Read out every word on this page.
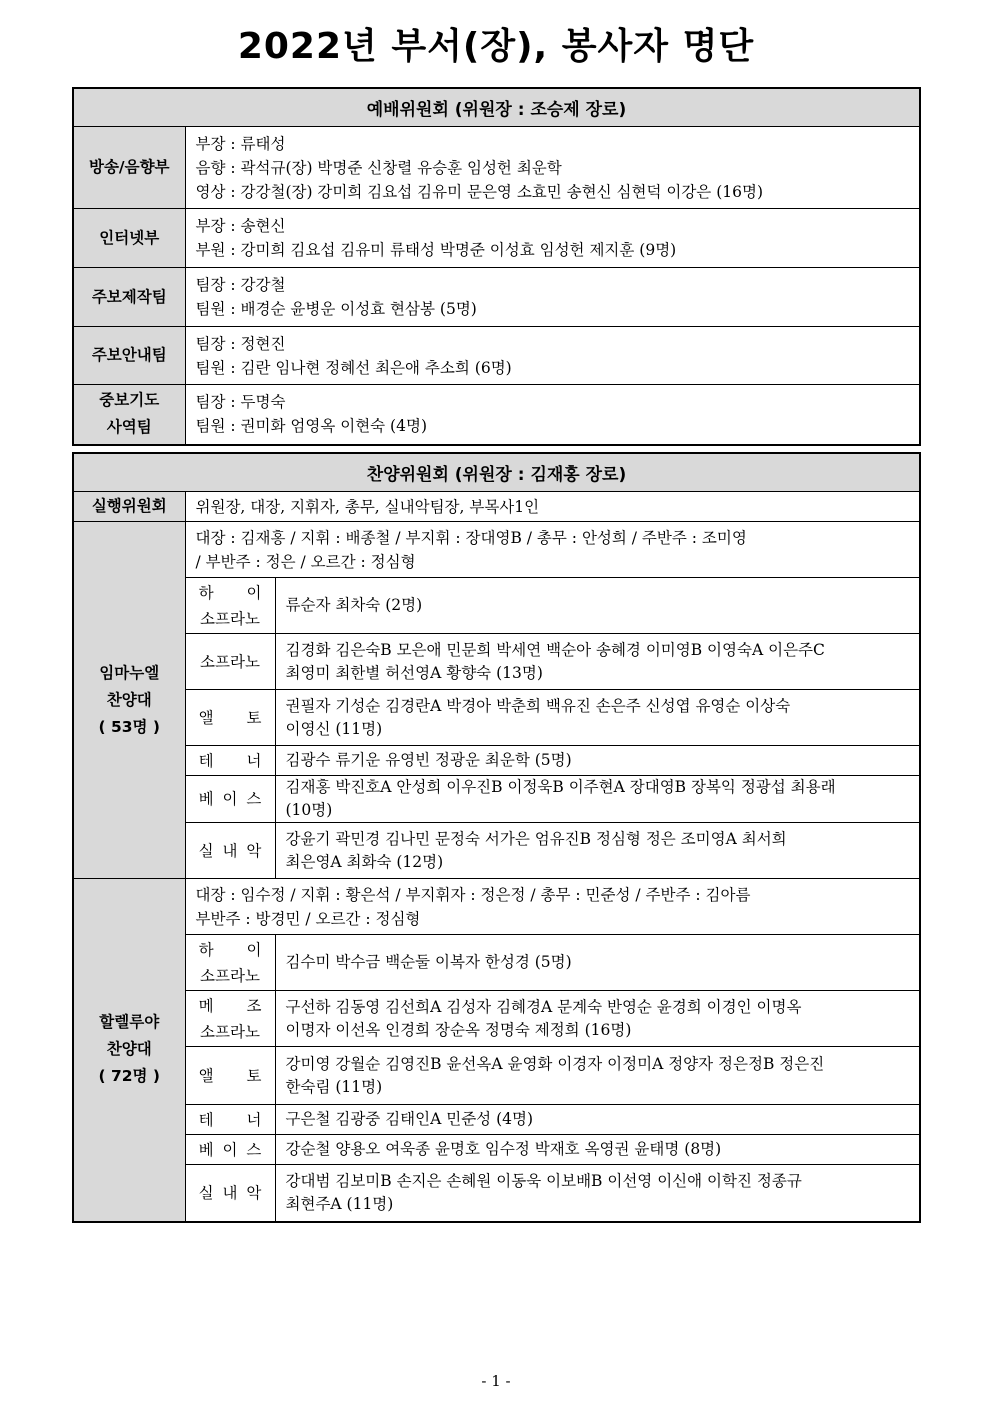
2022년 부서(장), 봉사자 명단
예배위원회 (위원장 : 조승제 장로)	
방송/음향부	부장 : 류태성
음향 : 곽석규(장) 박명준 신창렬 유승훈 임성헌 최운학
영상 : 강강철(장) 강미희 김요섭 김유미 문은영 소효민 송현신 심현덕 이강은 (16명)

인터넷부	부장 : 송현신
부원 : 강미희 김요섭 김유미 류태성 박명준 이성효 임성헌 제지훈 (9명)

주보제작팀	팀장 : 강강철
팀원 : 배경순 윤병운 이성효 현삼봉 (5명)

주보안내팀	팀장 : 정현진
팀원 : 김란 임나현 정혜선 최은애 추소희 (6명)

중보기도
사역팀	팀장 : 두명숙
팀원 : 권미화 엄영옥 이현숙 (4명)
찬양위원회 (위원장 : 김재홍 장로)		
실행위원회	위원장, 대장, 지휘자, 총무, 실내악팀장, 부목사1인	

임마누엘
찬양대
( 53명 )	대장 : 김재홍 / 지휘 : 배종철 / 부지휘 : 장대영B / 총무 : 안성희 / 주반주 : 조미영
/ 부반주 : 정은 / 오르간 : 정심형	

	하 이
소프라노	류순자 최차숙 (2명)

	소프라노	김경화 김은숙B 모은애 민문희 박세연 백순아 송혜경 이미영B 이영숙A 이은주C
최영미 최한별 허선영A 황향숙 (13명)

	앨 토	권필자 기성순 김경란A 박경아 박춘희 백유진 손은주 신성엽 유영순 이상숙
이영신 (11명)

	테 너	김광수 류기운 유영빈 정광운 최운학 (5명)

	베 이 스	김재홍 박진호A 안성희 이우진B 이정욱B 이주현A 장대영B 장복익 정광섭 최용래
(10명)

	실 내 악	강윤기 곽민경 김나민 문정숙 서가은 엄유진B 정심형 정은 조미영A 최서희
최은영A 최화숙 (12명)

할렐루야
찬양대
( 72명 )	대장 : 임수정 / 지휘 : 황은석 / 부지휘자 : 정은정 / 총무 : 민준성 / 주반주 : 김아름
부반주 : 방경민 / 오르간 : 정심형	

	하 이
소프라노	김수미 박수금 백순둘 이복자 한성경 (5명)

	메 조
소프라노	구선하 김동영 김선희A 김성자 김혜경A 문계숙 반영순 윤경희 이경인 이명옥
이명자 이선옥 인경희 장순옥 정명숙 제정희 (16명)

	앨 토	강미영 강월순 김영진B 윤선옥A 윤영화 이경자 이정미A 정양자 정은정B 정은진
한숙림 (11명)

	테 너	구은철 김광중 김태인A 민준성 (4명)

	베 이 스	강순철 양용오 여욱종 윤명호 임수정 박재호 옥영권 윤태명 (8명)

	실 내 악	강대범 김보미B 손지은 손혜원 이동욱 이보배B 이선영 이신애 이학진 정종규
최현주A (11명)
- 1 -
